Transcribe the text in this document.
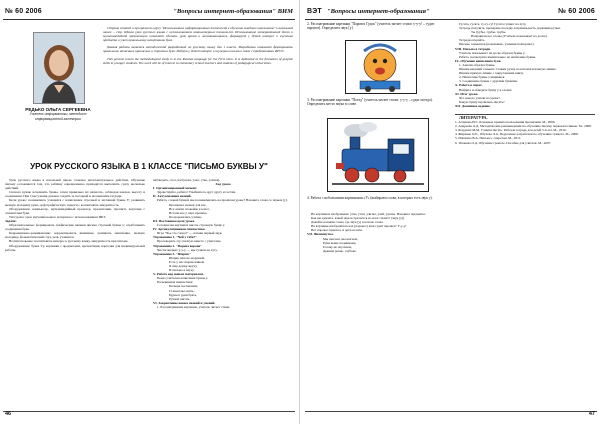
№ 60 2006	"Вопросы интернет-образования" ВИМ
РЕДЬКО ОЛЬГА СЕРГЕЕВНА
Учитель информатики, методист информационной категории

Сборник статей и программ ко курсу "Использование информационных технологий в обучении младших школьников" в начальной школе – стр. Школа урок русского языка с использованием компьютерных технологий. Использование интерактивной доски и мультимедийной презентации позволяет сделать урок ярким и запоминающимся, формирует у детей интерес к изучению предмета и учит правильному начертанию букв.

Данная работа является методической разработкой по русскому языку для 1 класса. Разработка позволяет формировать правильное написание прописных и строчных букв. Работа у детей интерес к изучению письма в связи с требованиями ФГОС.

This general lesson the methodological study is to the Russian language for the First class. It is dedicated to the formation of graphic skills in younger students. The work will be of interest to elementary school teachers and students of pedagogical universities.

УРОК РУССКОГО ЯЗЫКА В 1 КЛАССЕ "ПИСЬМО БУКВЫ У"

Урок русского языка в начальной школе сложное интеллектуальное действие. Обучение письму осложняется тем, что ребёнку одновременно приходится выполнять сразу несколько действий.

Сначала нужно вспомнить буквы, затем правильно их написать, соблюдая наклон, высоту и соединения. При этом ученик должен следить за посадкой и положением тетради.

Цели урока: познакомить учащихся с написанием строчной и заглавной буквы У; развивать мелкую моторику руки, орфографическую зоркость; воспитывать аккуратность.

Оборудование: компьютер, мультимедийный проектор, презентация, прописи, карточки с элементами букв.

Тип урока: урок изучения нового материала с использованием ИКТ.

Задачи:

Образовательные: формировать графические навыки письма строчной буквы у; отрабатывать соединения букв.

Коррекционно-развивающие: корректировать внимание, развивать мышление, мелкую моторику, фонематический слух, речь учащихся.

Воспитательные: воспитывать интерес к русскому языку, аккуратность при письме.

Оборудование: буква Уу, картинки с предметами, презентация, карточки для индивидуальной работы.

наблюдать, стол, кастрюля, утюг, утка, улитка).

Ход урока

I. Организационный момент.

Здравствуйте, ребята! Улыбнитесь друг другу и гостям.

II. Актуализация знаний.

Ребята, с какой буквой мы познакомились на прошлом уроке? Назовите слова со звуком [у].

Прозвенел звонок для нас,

Все зашли спокойно в класс,

Встали все у парт красиво,

Поздоровались учтиво.

III. Постановка цели урока.

Сегодня мы научимся писать строчную букву у.

IV. Артикуляционная гимнастика.

Игра "Чье это слово?" — назови первый звук.

Упражнение 1. "Чей у тебя?"

Проговорить эту гласную вместе с учителем.

Упражнение 2. "Ворона вороне"

Чистоговорки: у-у-у — мы гуляем на лугу.

Упражнение 3. "Шарик"

Шарик наш не надувной,

Есть у нас шарик живой,

Я шар держу-кручу,

И письмо я научу.

V. Работа над новым материалом.

Показ учителем написания буквы у.

Пальчиковая гимнастика:

Пальцы поспешили,

Станем мы опять,

Будем в руки брать,

Ручкой писать.

VI. Закрепление новых знаний и умений.

1. Рассматривание картинок, учитель читает стихи.

46
ВЭТ "Вопросы интернет-образования"	№ 60 2006
2. Рассматривание картинки "Паровоз Гудок" (учитель читает стихи: у-у-у! – гудит паровоз). Определить звук [у].
3. Рассматривание картинки "Поезд" (учитель читает стихи: у-у-у – гудят поезда). Определить место звука в слове.
4. Работа с небольшими картинками «У» (выбираем слова, в которых есть звук у).

На картинках изображены: утка, утюг, улитка, улей, удочка. Назовите предметы.

Как вы думаете, какой звук встречается во всех словах? (звук [у])

Давайте назовём слова, где звук [у] в начале слова.

На картинке изображён поезд (паровоз). Как гудит паровоз? У-у-у!

Вот паровоз приехал, и дети на нём.

VII. Физминутка.

Мы шагаем, мы шагаем,

Руки выше поднимаем,

Голову не опускаем,

Дышим ровно, глубоко.

Гусята, гусята, гу-гу-гу! Гусята гуляют на лугу.

Тетрадь получить, проверить посадку и правильность держания ручки.

Ты трубы, трубы, трубы.

Направили все слоны (Учитель показывает на доске).

Тетради откройте.

Письмо элементов (показываю, ученики повторяют).

VIII. Письмо в тетради.

Учитель показывает на доске образец буквы у.

Ребята, посмотрите внимательно на написание буквы.

IX. Обучение написанию букв.

1. Анализ образца буквы.

Пишем верхний элемент. Ставим ручку на вспомогательную линию.

Пишем прямую линию с закруглением внизу.

2. Написание буквы учащимися.

3. Соединение буквы с другими буквами.

Х. Работа в парах.

Найдите и обведите букву у в словах.

XI. Итог урока.

Что нового узнали на уроке?

Какую букву научились писать?

XII. Домашнее задание.

ЛИТЕРАТУРА.

1. Агаркова Н.Г. Основные правила пользования прописями. М., 2006.

2. Андреева А.Д. Методические рекомендации по обучению письму первоклассников. М., 2008.

3. Безруких М.М. Учимся писать. Рабочая тетрадь для детей 5-6 лет. М., 2010.

4. Жиренко О.Е., Обухова Л.А. Поурочные разработки по обучению грамоте. М., 2008.

5. Илюхина В.А. Письмо с секретом. М., 2011.

6. Ушакова О.Д. Обучение грамоте. Пособие для учителя. М., 2007.

47
